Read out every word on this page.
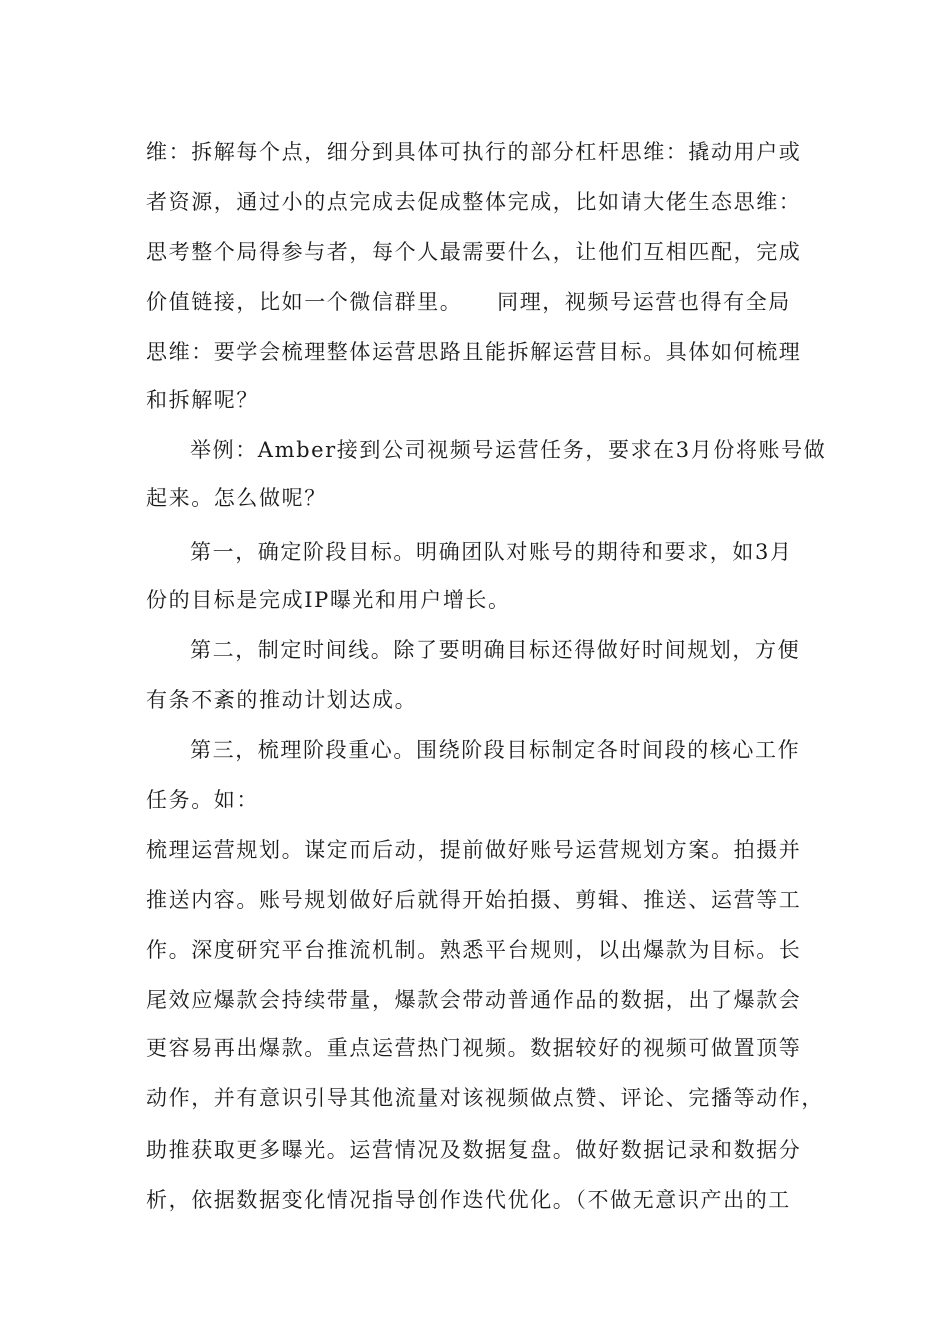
维：拆解每个点，细分到具体可执行的部分杠杆思维：撬动用户或
者资源，通过小的点完成去促成整体完成，比如请大佬生态思维：
思考整个局得参与者，每个人最需要什么，让他们互相匹配，完成
价值链接，比如一个微信群里。　　同理，视频号运营也得有全局
思维：要学会梳理整体运营思路且能拆解运营目标。具体如何梳理
和拆解呢？
举例：Amber接到公司视频号运营任务，要求在3月份将账号做
起来。怎么做呢？
第一，确定阶段目标。明确团队对账号的期待和要求，如3月
份的目标是完成IP曝光和用户增长。
第二，制定时间线。除了要明确目标还得做好时间规划，方便
有条不紊的推动计划达成。
第三，梳理阶段重心。围绕阶段目标制定各时间段的核心工作
任务。如：
梳理运营规划。谋定而后动，提前做好账号运营规划方案。拍摄并
推送内容。账号规划做好后就得开始拍摄、剪辑、推送、运营等工
作。深度研究平台推流机制。熟悉平台规则，以出爆款为目标。长
尾效应爆款会持续带量，爆款会带动普通作品的数据，出了爆款会
更容易再出爆款。重点运营热门视频。数据较好的视频可做置顶等
动作，并有意识引导其他流量对该视频做点赞、评论、完播等动作，
助推获取更多曝光。运营情况及数据复盘。做好数据记录和数据分
析，依据数据变化情况指导创作迭代优化。（不做无意识产出的工
